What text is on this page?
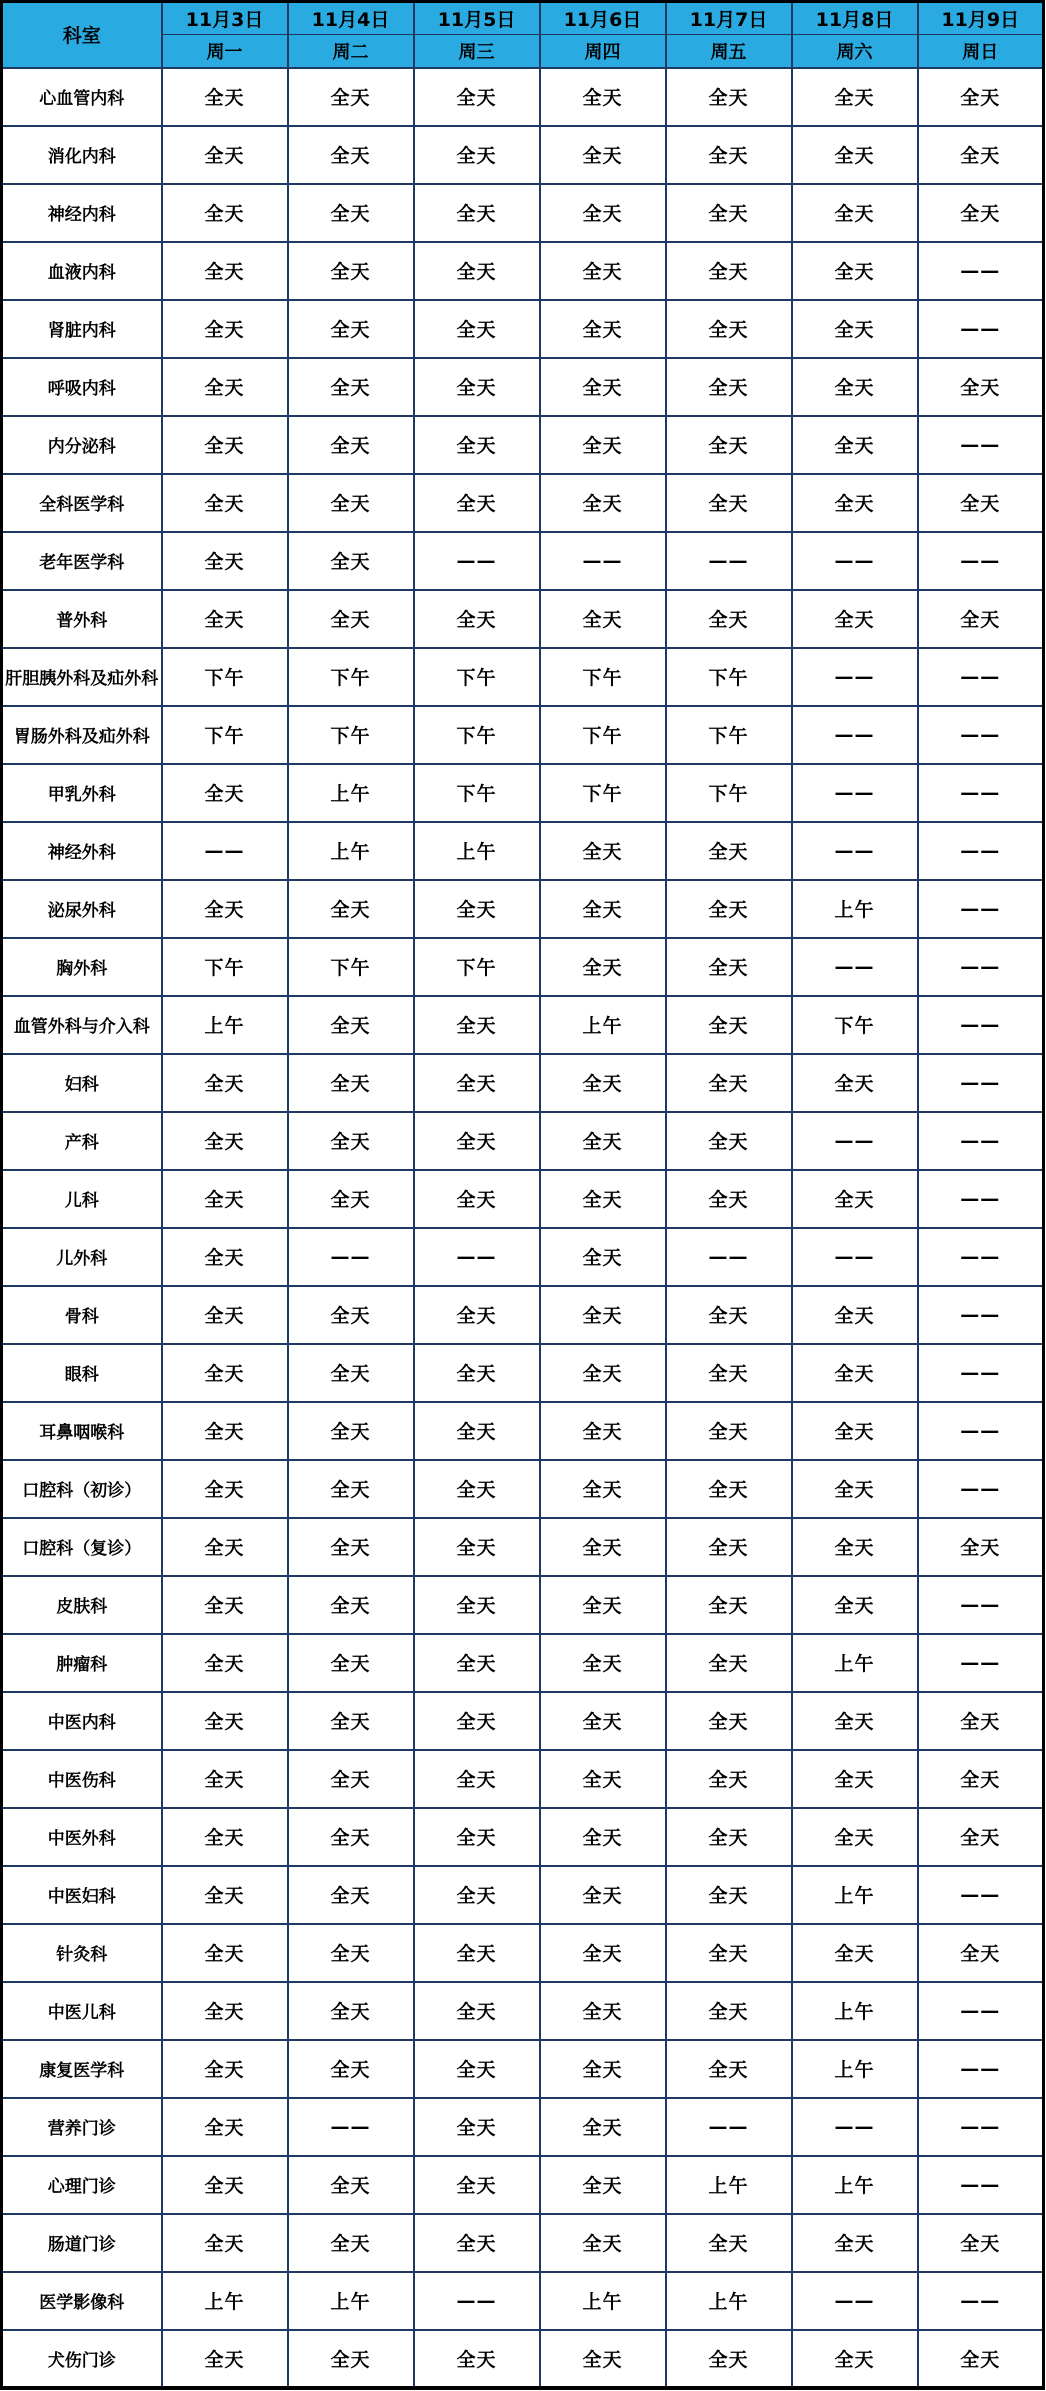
科室	11月3日	11月4日	11月5日	11月6日	11月7日	11月8日	11月9日
	周一	周二	周三	周四	周五	周六	周日
心血管内科	全天	全天	全天	全天	全天	全天	全天
消化内科	全天	全天	全天	全天	全天	全天	全天
神经内科	全天	全天	全天	全天	全天	全天	全天
血液内科	全天	全天	全天	全天	全天	全天	——
肾脏内科	全天	全天	全天	全天	全天	全天	——
呼吸内科	全天	全天	全天	全天	全天	全天	全天
内分泌科	全天	全天	全天	全天	全天	全天	——
全科医学科	全天	全天	全天	全天	全天	全天	全天
老年医学科	全天	全天	——	——	——	——	——
普外科	全天	全天	全天	全天	全天	全天	全天
肝胆胰外科及疝外科	下午	下午	下午	下午	下午	——	——
胃肠外科及疝外科	下午	下午	下午	下午	下午	——	——
甲乳外科	全天	上午	下午	下午	下午	——	——
神经外科	——	上午	上午	全天	全天	——	——
泌尿外科	全天	全天	全天	全天	全天	上午	——
胸外科	下午	下午	下午	全天	全天	——	——
血管外科与介入科	上午	全天	全天	上午	全天	下午	——
妇科	全天	全天	全天	全天	全天	全天	——
产科	全天	全天	全天	全天	全天	——	——
儿科	全天	全天	全天	全天	全天	全天	——
儿外科	全天	——	——	全天	——	——	——
骨科	全天	全天	全天	全天	全天	全天	——
眼科	全天	全天	全天	全天	全天	全天	——
耳鼻咽喉科	全天	全天	全天	全天	全天	全天	——
口腔科（初诊）	全天	全天	全天	全天	全天	全天	——
口腔科（复诊）	全天	全天	全天	全天	全天	全天	全天
皮肤科	全天	全天	全天	全天	全天	全天	——
肿瘤科	全天	全天	全天	全天	全天	上午	——
中医内科	全天	全天	全天	全天	全天	全天	全天
中医伤科	全天	全天	全天	全天	全天	全天	全天
中医外科	全天	全天	全天	全天	全天	全天	全天
中医妇科	全天	全天	全天	全天	全天	上午	——
针灸科	全天	全天	全天	全天	全天	全天	全天
中医儿科	全天	全天	全天	全天	全天	上午	——
康复医学科	全天	全天	全天	全天	全天	上午	——
营养门诊	全天	——	全天	全天	——	——	——
心理门诊	全天	全天	全天	全天	上午	上午	——
肠道门诊	全天	全天	全天	全天	全天	全天	全天
医学影像科	上午	上午	——	上午	上午	——	——
犬伤门诊	全天	全天	全天	全天	全天	全天	全天
